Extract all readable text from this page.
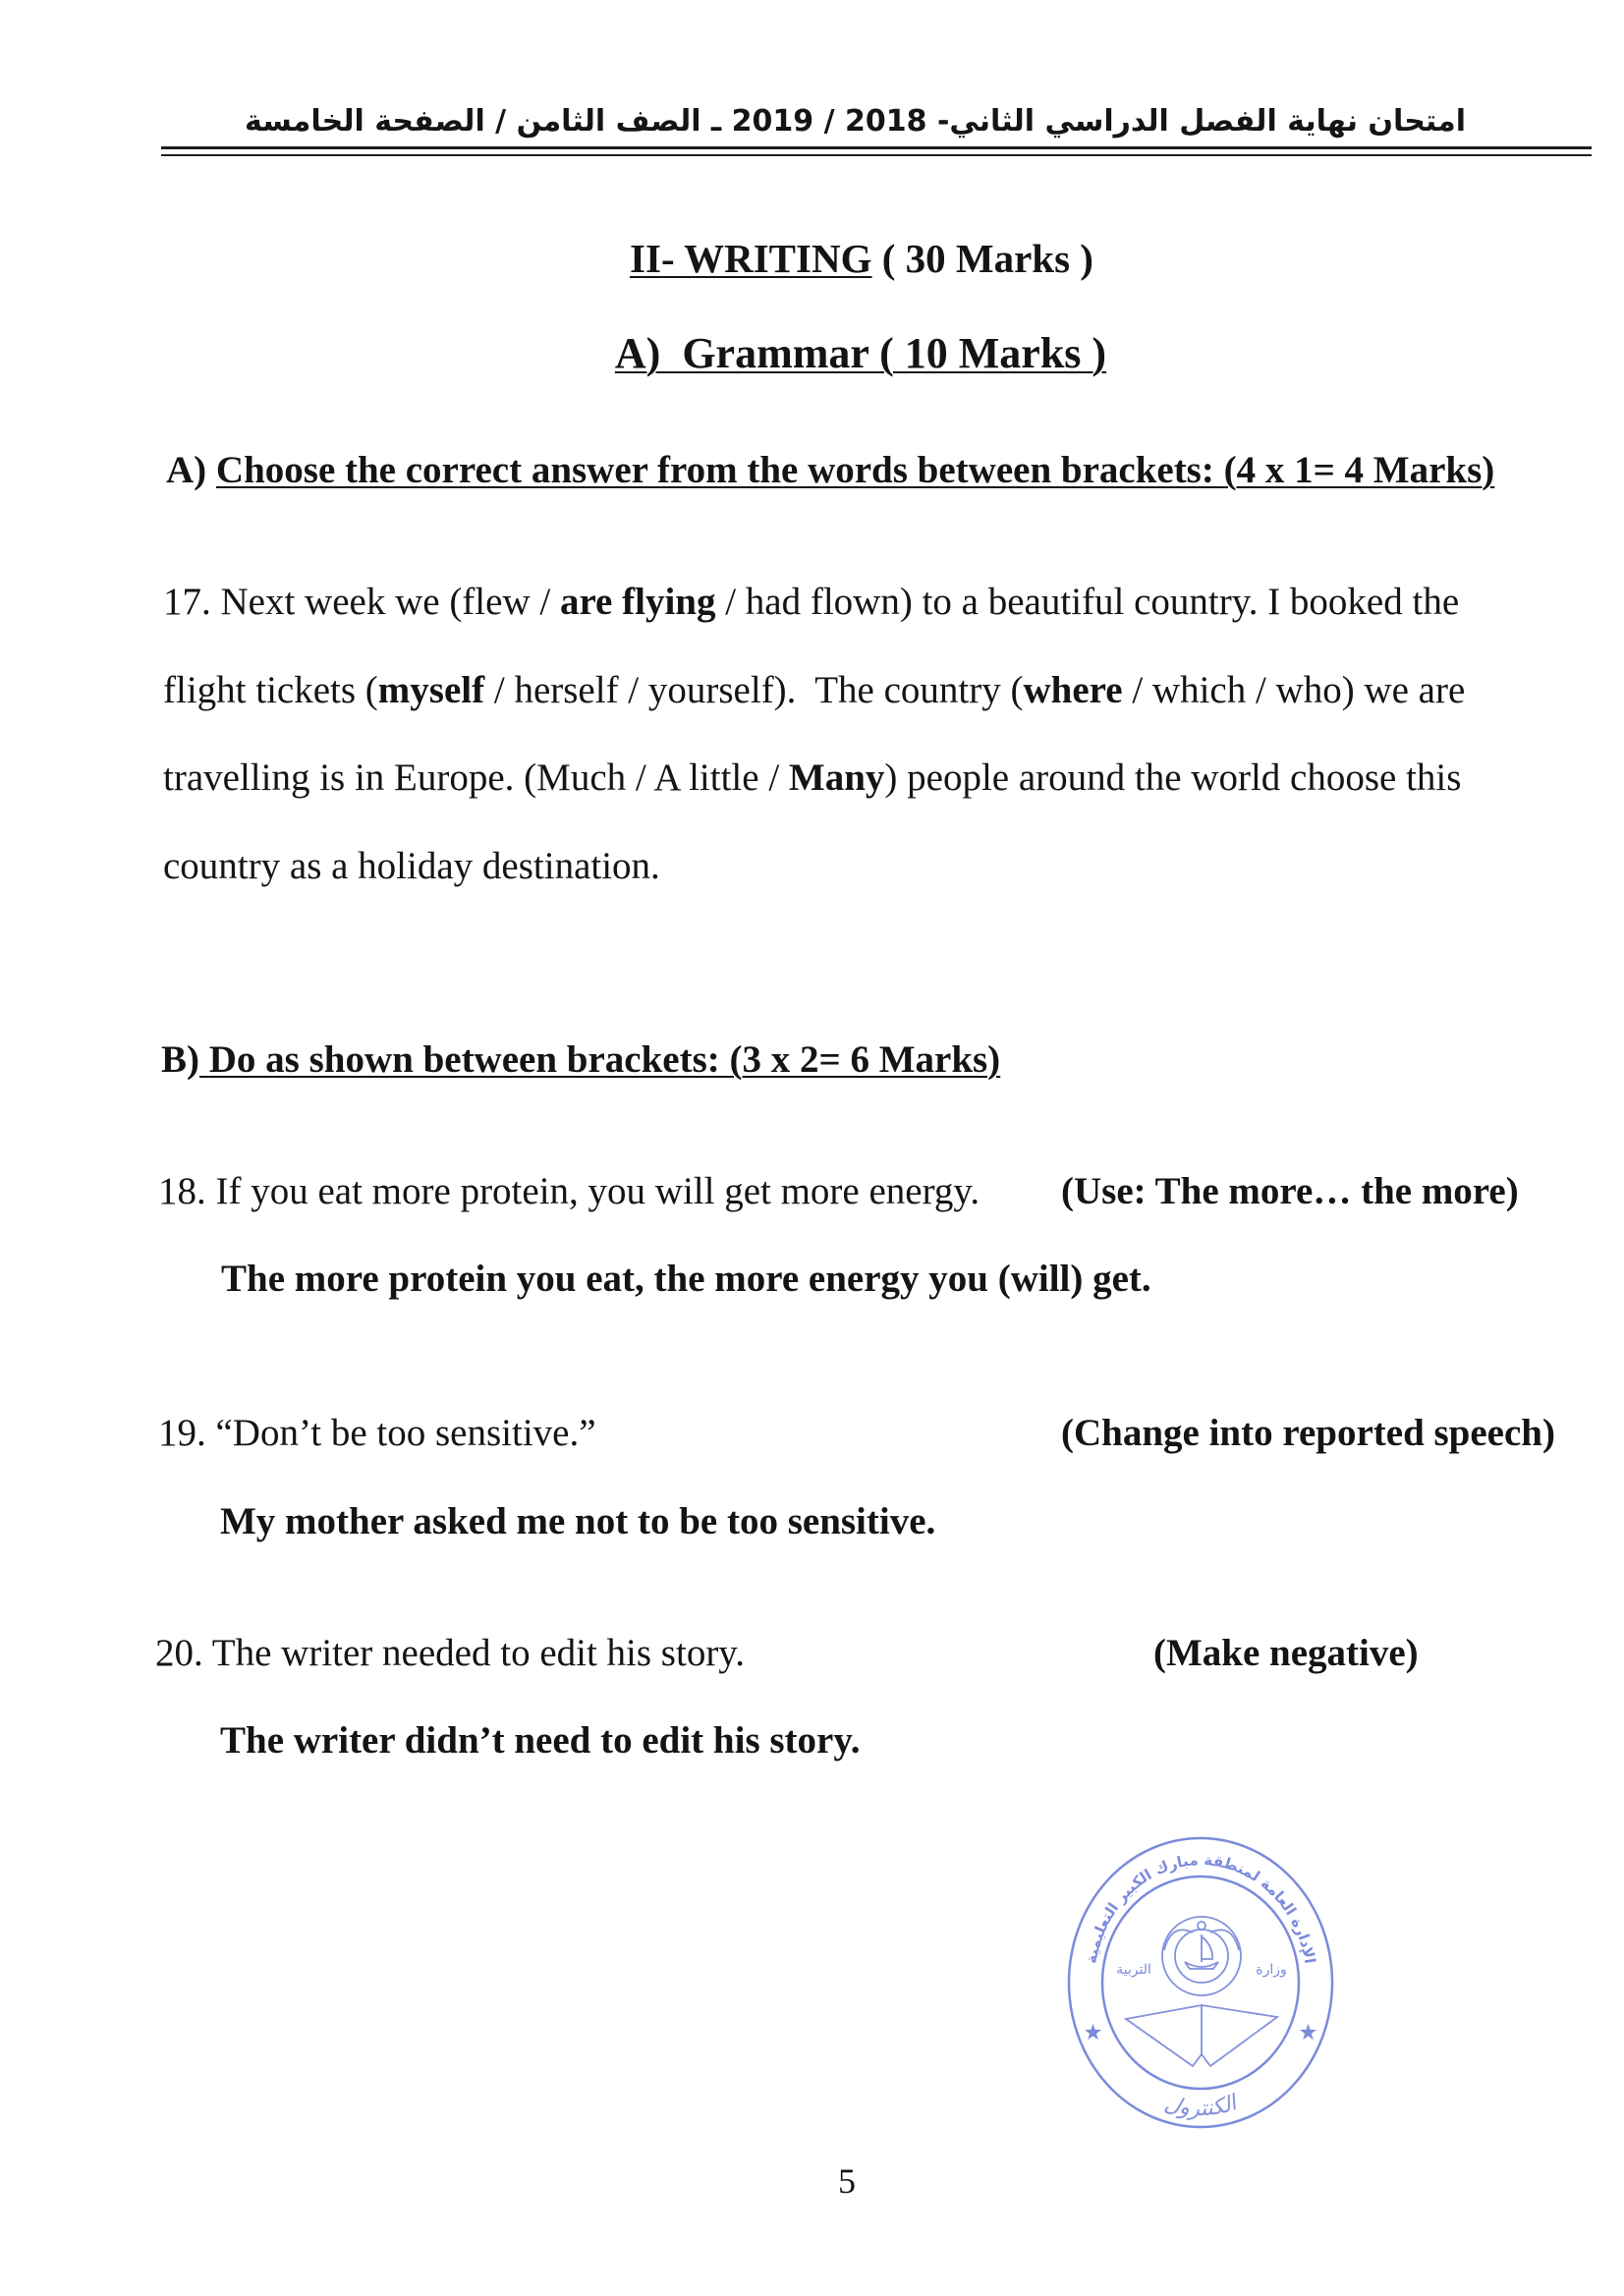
امتحان نهاية الفصل الدراسي الثاني- 2018 / 2019 ـ الصف الثامن / الصفحة الخامسة
II- WRITING ( 30 Marks )
A)  Grammar ( 10 Marks )
A) Choose the correct answer from the words between brackets: (4 x 1= 4 Marks)
17. Next week we (flew / are flying / had flown) to a beautiful country. I booked the
flight tickets ( myself / herself / yourself).  The country ( where / which / who) we are
travelling is in Europe. (Much / A little / Many ) people around the world choose this
country as a holiday destination.
B) Do as shown between brackets: (3 x 2= 6 Marks)
18. If you eat more protein, you will get more energy. (Use: The more… the more)
The more protein you eat, the more energy you (will) get.
19. “Don’t be too sensitive.”	(Change into reported speech)
My mother asked me not to be too sensitive.
20. The writer needed to edit his story.	(Make negative)
The writer didn’t need to edit his story.
الإدارة العامة لمنطقة مبارك الكبير التعليمية
التربية	وزارة
الكنترول
5
